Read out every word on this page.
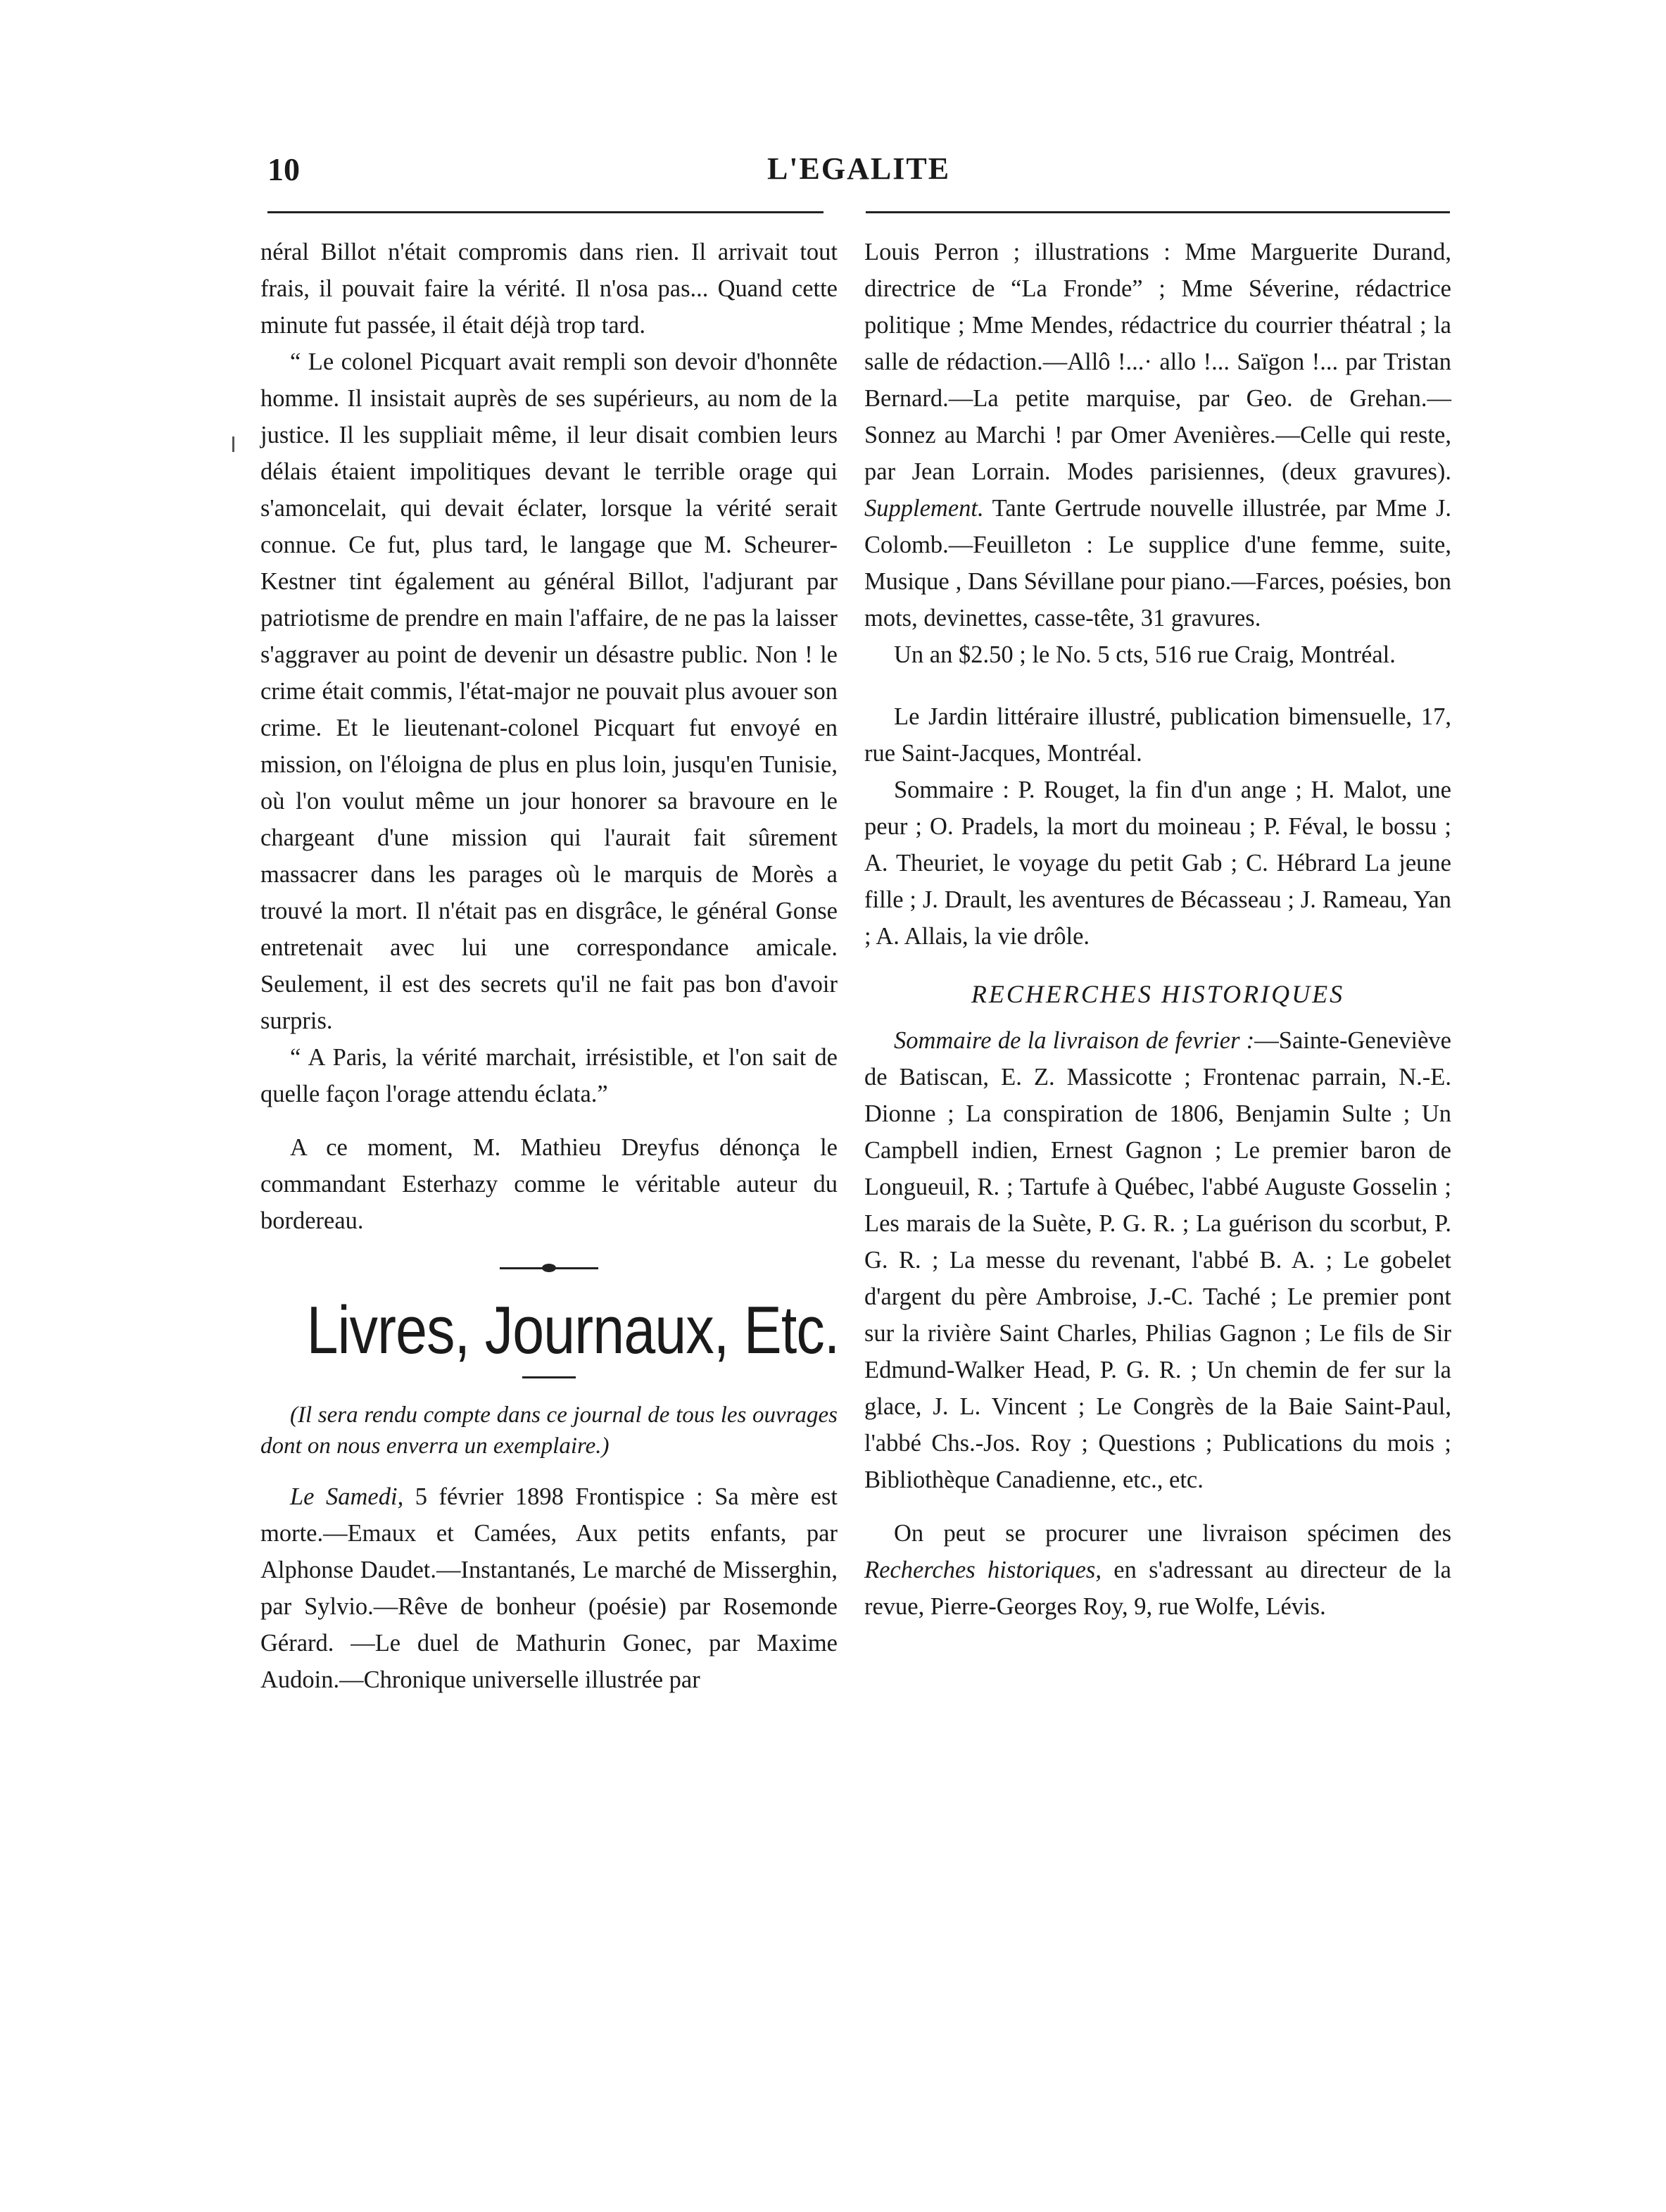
10	L'EGALITE

néral Billot n'était compromis dans rien. Il arrivait tout frais, il pouvait faire la vérité. Il n'osa pas... Quand cette minute fut passée, il était déjà trop tard.

“ Le colonel Picquart avait rempli son devoir d'honnête homme. Il insistait auprès de ses supérieurs, au nom de la justice. Il les suppliait même, il leur disait combien leurs délais étaient impolitiques devant le terrible orage qui s'amoncelait, qui devait éclater, lorsque la vérité serait connue. Ce fut, plus tard, le langage que M. Scheurer-Kestner tint également au général Billot, l'adjurant par patriotisme de prendre en main l'affaire, de ne pas la laisser s'aggraver au point de devenir un désastre public. Non ! le crime était commis, l'état-major ne pouvait plus avouer son crime. Et le lieutenant-colonel Picquart fut envoyé en mission, on l'éloigna de plus en plus loin, jusqu'en Tunisie, où l'on voulut même un jour honorer sa bravoure en le chargeant d'une mission qui l'aurait fait sûrement massacrer dans les parages où le marquis de Morès a trouvé la mort. Il n'était pas en disgrâce, le général Gonse entretenait avec lui une correspondance amicale. Seulement, il est des secrets qu'il ne fait pas bon d'avoir surpris.

“ A Paris, la vérité marchait, irrésistible, et l'on sait de quelle façon l'orage attendu éclata.”

A ce moment, M. Mathieu Dreyfus dénonça le commandant Esterhazy comme le véritable auteur du bordereau.

Livres, Journaux, Etc.

(Il sera rendu compte dans ce journal de tous les ouvrages dont on nous enverra un exemplaire.)

Le Samedi, 5 février 1898 Frontispice : Sa mère est morte.—Emaux et Camées, Aux petits enfants, par Alphonse Daudet.—Instantanés, Le marché de Misserghin, par Sylvio.—Rêve de bonheur (poésie) par Rosemonde Gérard. —Le duel de Mathurin Gonec, par Maxime Audoin.—Chronique universelle illustrée par

Louis Perron ; illustrations : Mme Marguerite Durand, directrice de “La Fronde” ; Mme Séverine, rédactrice politique ; Mme Mendes, rédactrice du courrier théatral ; la salle de rédaction.—Allô !...· allo !... Saïgon !... par Tristan Bernard.—La petite marquise, par Geo. de Grehan.—Sonnez au Marchi ! par Omer Avenières.—Celle qui reste, par Jean Lorrain. Modes parisiennes, (deux gravures). Supplement. Tante Gertrude nouvelle illustrée, par Mme J. Colomb.—Feuilleton : Le supplice d'une femme, suite, Musique , Dans Sévillane pour piano.—Farces, poésies, bon mots, devinettes, casse-tête, 31 gravures.

Un an $2.50 ; le No. 5 cts, 516 rue Craig, Montréal.

Le Jardin littéraire illustré, publication bimensuelle, 17, rue Saint-Jacques, Montréal.

Sommaire : P. Rouget, la fin d'un ange ; H. Malot, une peur ; O. Pradels, la mort du moineau ; P. Féval, le bossu ; A. Theuriet, le voyage du petit Gab ; C. Hébrard La jeune fille ; J. Drault, les aventures de Bécasseau ; J. Rameau, Yan ; A. Allais, la vie drôle.

RECHERCHES HISTORIQUES

Sommaire de la livraison de fevrier :—Sainte-Geneviève de Batiscan, E. Z. Massicotte ; Frontenac parrain, N.-E. Dionne ; La conspiration de 1806, Benjamin Sulte ; Un Campbell indien, Ernest Gagnon ; Le premier baron de Longueuil, R. ; Tartufe à Québec, l'abbé Auguste Gosselin ; Les marais de la Suète, P. G. R. ; La guérison du scorbut, P. G. R. ; La messe du revenant, l'abbé B. A. ; Le gobelet d'argent du père Ambroise, J.-C. Taché ; Le premier pont sur la rivière Saint Charles, Philias Gagnon ; Le fils de Sir Edmund-Walker Head, P. G. R. ; Un chemin de fer sur la glace, J. L. Vincent ; Le Congrès de la Baie Saint-Paul, l'abbé Chs.-Jos. Roy ; Questions ; Publications du mois ; Bibliothèque Canadienne, etc., etc.

On peut se procurer une livraison spécimen des Recherches historiques, en s'adressant au directeur de la revue, Pierre-Georges Roy, 9, rue Wolfe, Lévis.
